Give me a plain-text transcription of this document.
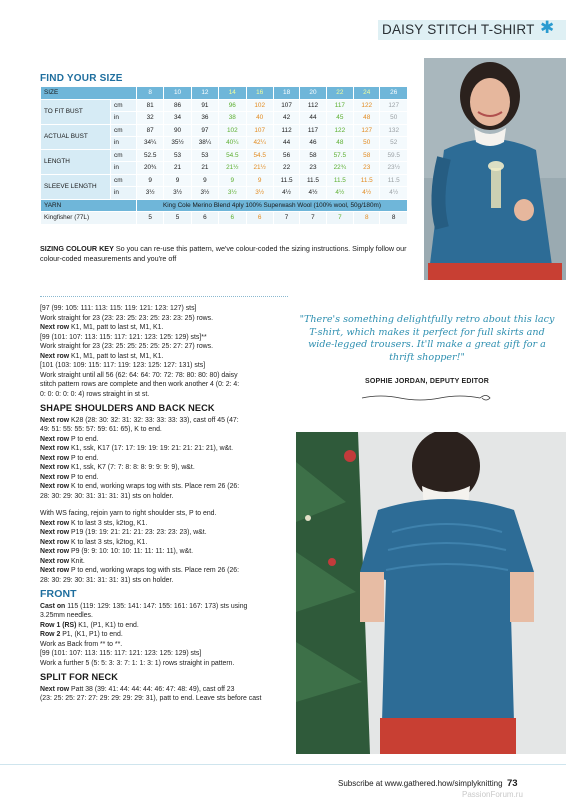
DAISY STITCH T-SHIRT ✱
FIND YOUR SIZE
SIZE		8	10	12	14	16	18	20	22	24	26
TO FIT BUST	cm	81	86	91	96	102	107	112	117	122	127
	in	32	34	36	38	40	42	44	45	48	50
ACTUAL BUST	cm	87	90	97	102	107	112	117	122	127	132
	in	34¼	35½	38¼	40¼	42¼	44	46	48	50	52
LENGTH	cm	52.5	53	53	54.5	54.5	56	58	57.5	58	59.5
	in	20¾	21	21	21½	21½	22	23	22¾	23	23½
SLEEVE LENGTH	cm	9	9	9	9	9	11.5	11.5	11.5	11.5	11.5
	in	3½	3½	3½	3½	3½	4½	4½	4½	4½	4½
YARN		King Cole Merino Blend 4ply 100% Superwash Wool (100% wool, 50g/180m)									
Kingfisher (77L)		5	5	6	6	6	7	7	7	8	8
SIZING COLOUR KEY So you can re-use this pattern, we've colour-coded the sizing instructions. Simply follow our colour-coded measurements and you're off
[97 (99: 105: 111: 113: 115: 119: 121: 123: 127) sts]
Work straight for 23 (23: 23: 25: 23: 25: 23: 23: 25) rows.
Next row K1, M1, patt to last st, M1, K1.
[99 (101: 107: 113: 115: 117: 121: 123: 125: 129) sts]**
Work straight for 23 (23: 25: 25: 25: 25: 25: 27: 27) rows.
Next row K1, M1, patt to last st, M1, K1.
[101 (103: 109: 115: 117: 119: 123: 125: 127: 131) sts]
Work straight until all 56 (62: 64: 64: 70: 72: 78: 80: 80: 80) daisy
stitch pattern rows are complete and then work another 4 (0: 2: 4:
0: 0: 0: 0: 0: 4) rows straight in st st.
SHAPE SHOULDERS AND BACK NECK
Next row K28 (28: 30: 32: 31: 32: 33: 33: 33: 33), cast off 45 (47:
49: 51: 55: 55: 57: 59: 61: 65), K to end.
Next row P to end.
Next row K1, ssk, K17 (17: 17: 19: 19: 19: 21: 21: 21: 21), w&t.
Next row P to end.
Next row K1, ssk, K7 (7: 7: 8: 8: 8: 9: 9: 9: 9), w&t.
Next row P to end.
Next row K to end, working wraps tog with sts. Place rem 26 (26:
28: 30: 29: 30: 31: 31: 31: 31) sts on holder.
With WS facing, rejoin yarn to right shoulder sts, P to end.
Next row K to last 3 sts, k2tog, K1.
Next row P19 (19: 19: 21: 21: 21: 23: 23: 23: 23), w&t.
Next row K to last 3 sts, k2tog, K1.
Next row P9 (9: 9: 10: 10: 10: 11: 11: 11: 11), w&t.
Next row Knit.
Next row P to end, working wraps tog with sts. Place rem 26 (26:
28: 30: 29: 30: 31: 31: 31: 31) sts on holder.
FRONT
Cast on 115 (119: 129: 135: 141: 147: 155: 161: 167: 173) sts using
3.25mm needles.
Row 1 (RS) K1, (P1, K1) to end.
Row 2 P1, (K1, P1) to end.
Work as Back from ** to **.
[99 (101: 107: 113: 115: 117: 121: 123: 125: 129) sts]
Work a further 5 (5: 5: 3: 3: 7: 1: 1: 3: 1) rows straight in pattern.
SPLIT FOR NECK
Next row Patt 38 (39: 41: 44: 44: 44: 46: 47: 48: 49), cast off 23
(23: 25: 25: 27: 27: 29: 29: 29: 29: 31), patt to end. Leave sts before cast
"There's something delightfully retro about this lacy T-shirt, which makes it perfect for full skirts and wide-legged trousers. It'll make a great gift for a thrift shopper!"
SOPHIE JORDAN, DEPUTY EDITOR
Subscribe at www.gathered.how/simplyknitting 73
PassionForum.ru
